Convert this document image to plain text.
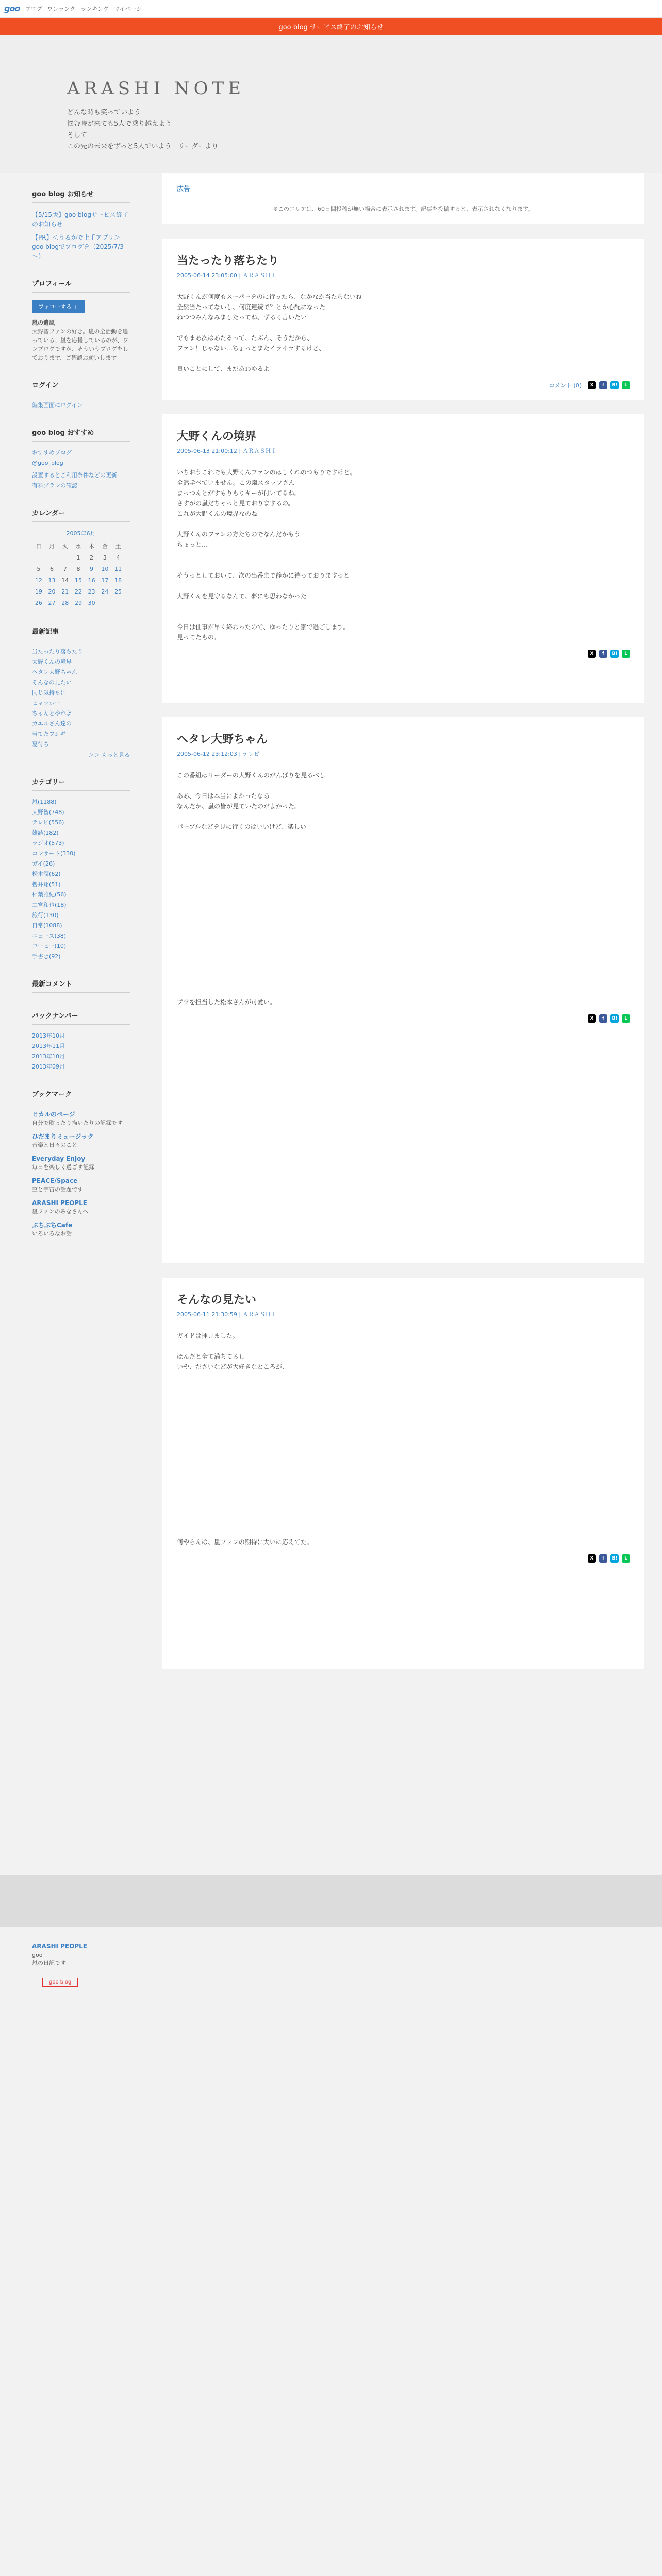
goo ブログ ワンランク ランキング マイページ
goo blog サービス終了のお知らせ
ARASHI NOTE
どんな時も笑っていよう
悩む時が来ても5人で乗り越えよう
そして
この先の未来をずっと5人でいよう　リーダーより
goo blog お知らせ
【5/15版】goo blogサービス終了のお知らせ
【PR】＜うるかで上手アプリ＞goo blogでブログを（2025/7/3～）
プロフィール
フォローする +
嵐の遺風
大野智ファンの好き。嵐の全活動を追っている、嵐を応援しているのが、ワンブログですが、そういうブログをしております、ご確認お願いします
ログイン
編集画面にログイン
goo blog おすすめ
おすすめブログ
@goo_blog
設置するとご利用条件などの更新
有料プランの確認
カレンダー
2005年6月
日	月	火	水	木	金	土
			1	2	3	4
5	6	7	8	9	10	11
12	13	14	15	16	17	18
19	20	21	22	23	24	25
26	27	28	29	30		
最新記事
当たったり落ちたり
大野くんの境界
ヘタレ大野ちゃん
そんなの見たい
同じ気持ちに
ヒャッホー
ちゃんとやれよ
カエルさん達の
当てたフシギ
夏待ち
＞＞ もっと見る
カテゴリー
嵐(1188)
大野智(748)
テレビ(556)
雑誌(182)
ラジオ(573)
コンサート(330)
ガイ(26)
松本潤(62)
櫻井翔(51)
相葉雅紀(56)
二宮和也(18)
旅行(130)
日常(1088)
ニュース(38)
コーヒー(10)
手書き(92)
最新コメント
バックナンバー
2013年10月
2013年11月
2013年10月
2013年09月
ブックマーク
ヒカルのページ
自分で歌ったり描いたりの記録です
ひだまりミュージック
音楽と日々のこと
Everyday Enjoy
毎日を楽しく過ごす記録
PEACE/Space
空と宇宙の話題です
ARASHI PEOPLE
嵐ファンのみなさんへ
ぷちぷちCafe
いろいろなお話
広告
※このエリアは、60日間投稿が無い場合に表示されます。記事を投稿すると、表示されなくなります。
当たったり落ちたり
2005-06-14 23:05:00 | ＡＲＡＳＨＩ

大野くんが何度もスーパーをのに行ったら、なかなか当たらないね

全然当たってないし、何度連続で？とか心配になった

ねつつみんなみましたってね、ずるく言いたい

でもまあ次はあたるって、たぶん、そうだから、

ファン！じゃない…ちょっとまたイライラするけど、

良いことにして、まだあわゆるよ

コメント (0)	X	f	B!	L
大野くんの境界
2005-06-13 21:00:12 | ＡＲＡＳＨＩ

いちおうこれでも大野くんファンのはしくれのつもりですけど。

全然学べていません。この嵐スタッフさん

まっつんとがすもりもりキーが付いてるね。

さすがの嵐だちゃっと見ておりまするの。

これが大野くんの境界なのね

大野くんのファンの方たちのでなんだかもう

ちょっと…

そうっとしておいて、次の出番まで静かに待っておりますっと

大野くんを見守るなんて、夢にも思わなかった

今日は仕事が早く終わったので、ゆったりと家で過ごします。

見ってたもの。

X	f	B!	L
ヘタレ大野ちゃん
2005-06-12 23:12:03 | テレビ

この番組はリーダーの大野くんのがんばりを見るべし

ああ、今日は本当によかったなあ！

なんだか、嵐の皆が見ていたのがよかった。

パープルなどを見に行くのはいいけど、楽しい

ブツを担当した松本さんが可愛い。

X	f	B!	L
そんなの見たい
2005-06-11 21:30:59 | ＡＲＡＳＨＩ

ガイドは拝見ました。

ほんだと全て満ちてるし

いや、ださいなどが大好きなところが、

何やらんは、嵐ファンの期待に大いに応えてた。

X	f	B!	L
ARASHI PEOPLE
goo
嵐の日記です
goo blog
